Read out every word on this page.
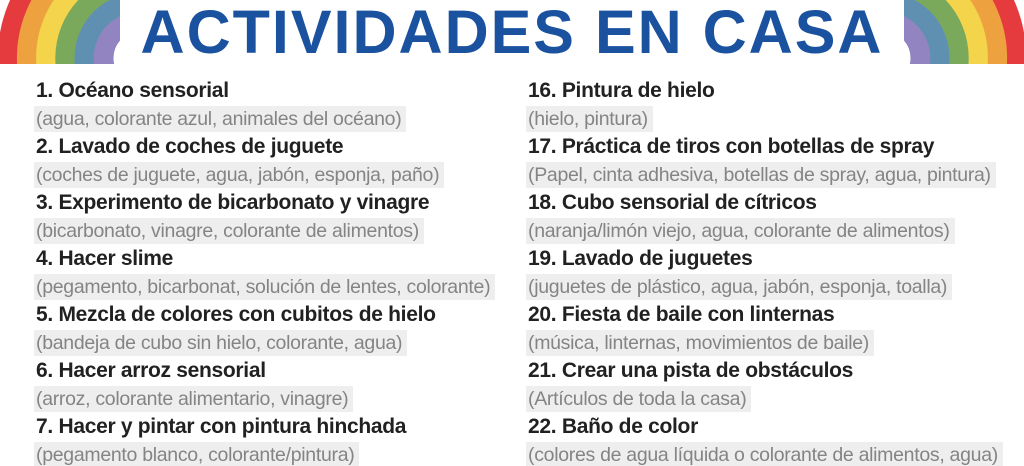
ACTIVIDADES EN CASA
1. Océano sensorial
(agua, colorante azul, animales del océano)
2. Lavado de coches de juguete
(coches de juguete, agua, jabón, esponja, paño)
3. Experimento de bicarbonato y vinagre
(bicarbonato, vinagre, colorante de alimentos)
4. Hacer slime
(pegamento, bicarbonat, solución de lentes, colorante)
5. Mezcla de colores con cubitos de hielo
(bandeja de cubo sin hielo, colorante, agua)
6. Hacer arroz sensorial
(arroz, colorante alimentario, vinagre)
7. Hacer y pintar con pintura hinchada
(pegamento blanco, colorante/pintura)
16. Pintura de hielo
(hielo, pintura)
17. Práctica de tiros con botellas de spray
(Papel, cinta adhesiva, botellas de spray, agua, pintura)
18. Cubo sensorial de cítricos
(naranja/limón viejo, agua, colorante de alimentos)
19. Lavado de juguetes
(juguetes de plástico, agua, jabón, esponja, toalla)
20. Fiesta de baile con linternas
(música, linternas, movimientos de baile)
21. Crear una pista de obstáculos
(Artículos de toda la casa)
22. Baño de color
(colores de agua líquida o colorante de alimentos, agua)
